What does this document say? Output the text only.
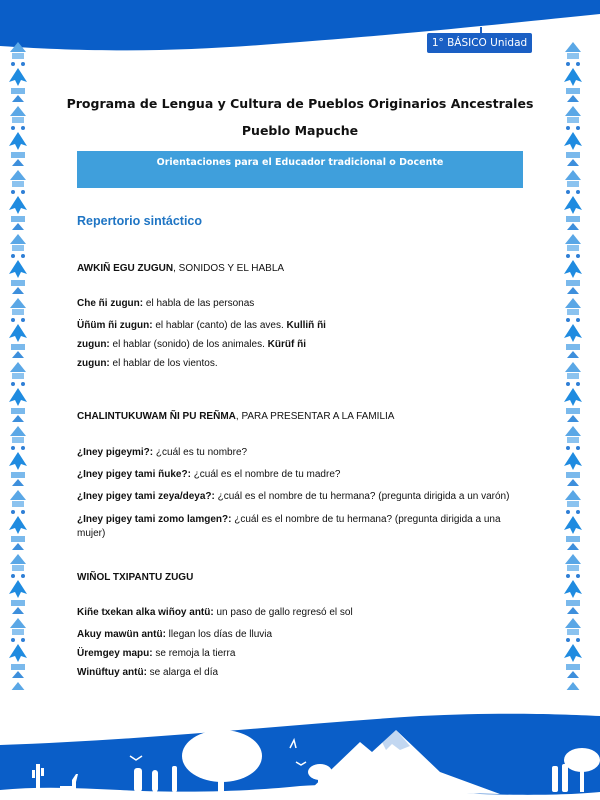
1° BÁSICO Unidad 2
Programa de Lengua y Cultura de Pueblos Originarios Ancestrales
Pueblo Mapuche
Orientaciones para el Educador tradicional o Docente
Repertorio sintáctico
AWKIÑ EGU ZUGUN, SONIDOS Y EL HABLA
Che ñi zugun: el habla de las personas
Üñüm ñi zugun: el hablar (canto) de las aves. Kulliñ ñi
zugun: el hablar (sonido) de los animales. Kürüf ñi
zugun: el hablar de los vientos.
CHALINTUKUWAM ÑI PU REÑMA, PARA PRESENTAR A LA FAMILIA
¿Iney pigeymi?: ¿cuál es tu nombre?
¿Iney pigey tami ñuke?: ¿cuál es el nombre de tu madre?
¿Iney pigey tami zeya/deya?: ¿cuál es el nombre de tu hermana? (pregunta dirigida a un varón)
¿Iney pigey tami zomo lamgen?: ¿cuál es el nombre de tu hermana? (pregunta dirigida a una
mujer)
WIÑOL TXIPANTU ZUGU
Kiñe txekan alka wiñoy antü: un paso de gallo regresó el sol
Akuy mawün antü: llegan los días de lluvia
Üremgey mapu: se remoja la tierra
Winüftuy antü: se alarga el día
